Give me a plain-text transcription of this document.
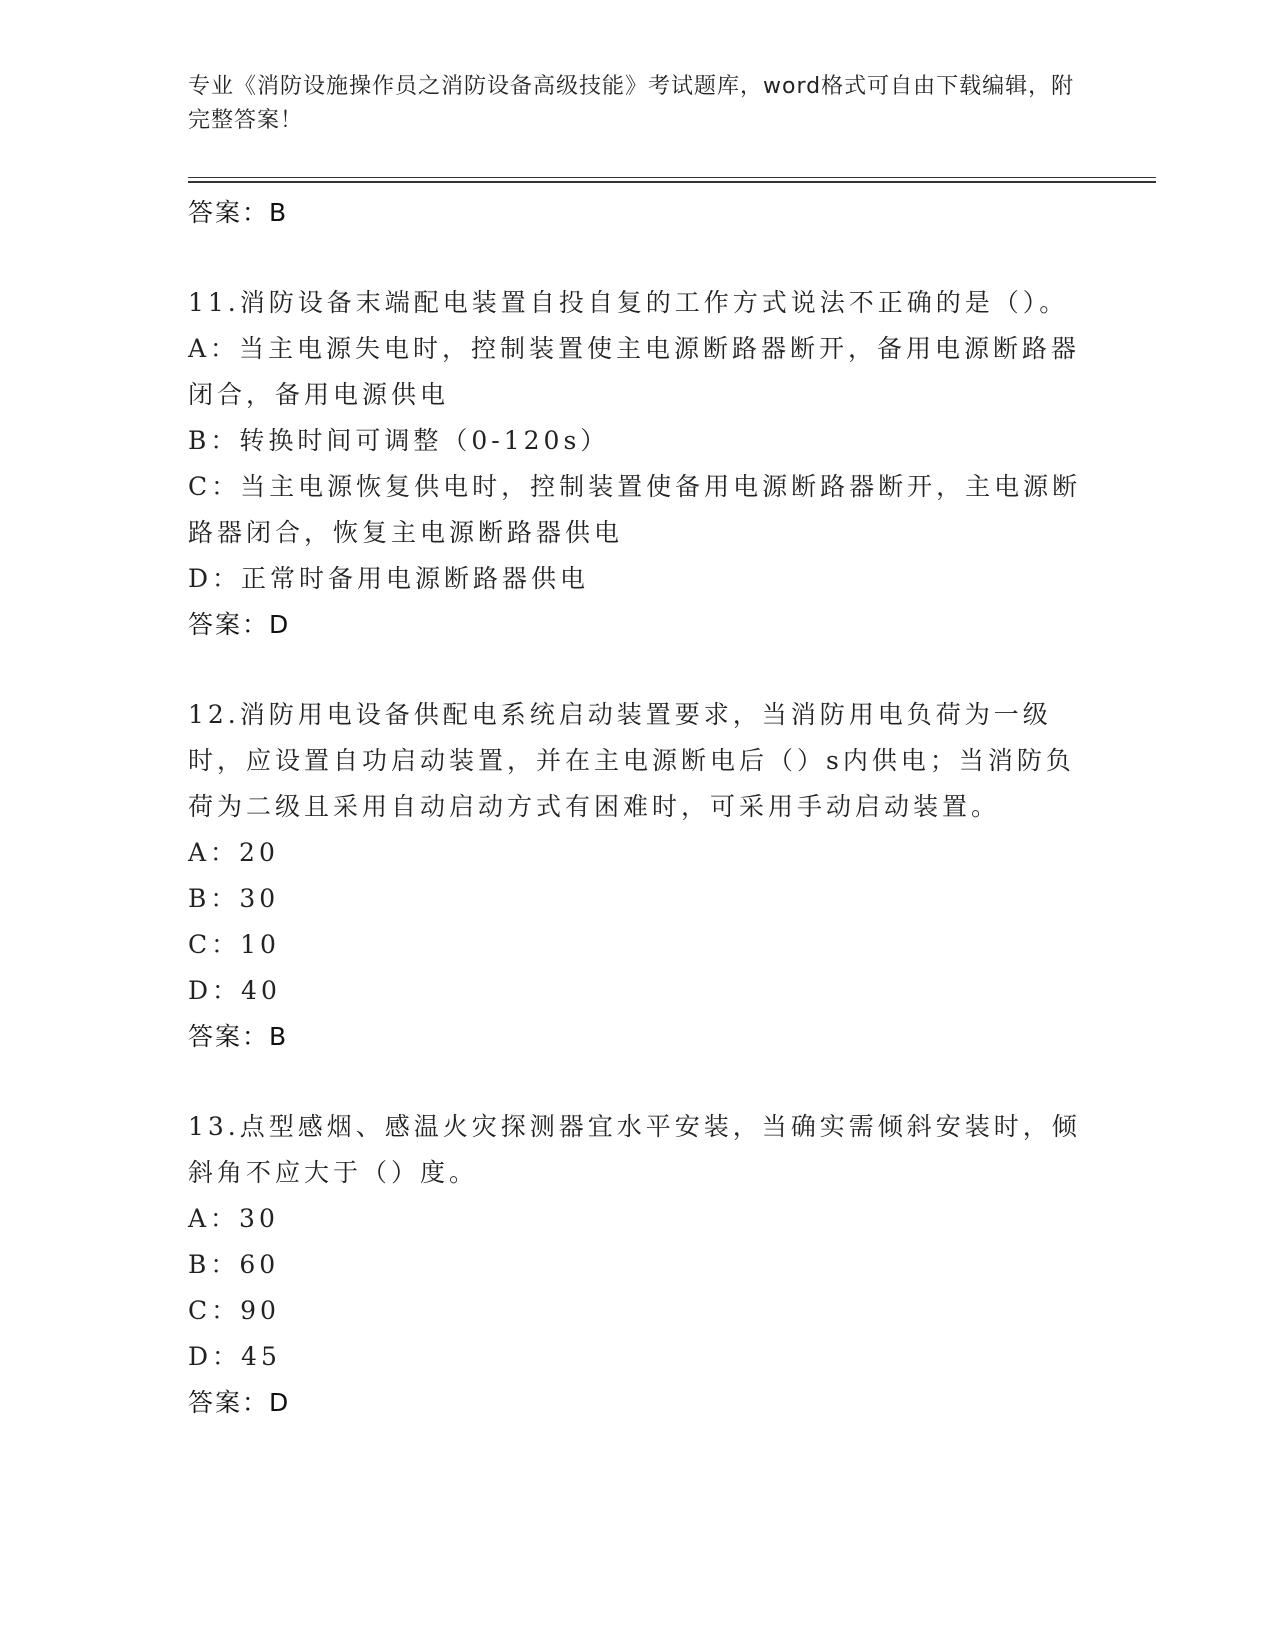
专业《消防设施操作员之消防设备高级技能》考试题库，word格式可自由下载编辑，附完整答案！
答案：B
11.消防设备末端配电装置自投自复的工作方式说法不正确的是（）。
A：当主电源失电时，控制装置使主电源断路器断开，备用电源断路器闭合，备用电源供电
B：转换时间可调整（0-120s）
C：当主电源恢复供电时，控制装置使备用电源断路器断开，主电源断路器闭合，恢复主电源断路器供电
D：正常时备用电源断路器供电
答案：D
12.消防用电设备供配电系统启动装置要求，当消防用电负荷为一级时，应设置自功启动装置，并在主电源断电后（）s内供电；当消防负荷为二级且采用自动启动方式有困难时，可采用手动启动装置。
A：20
B：30
C：10
D：40
答案：B
13.点型感烟、感温火灾探测器宜水平安装，当确实需倾斜安装时，倾斜角不应大于（）度。
A：30
B：60
C：90
D：45
答案：D
